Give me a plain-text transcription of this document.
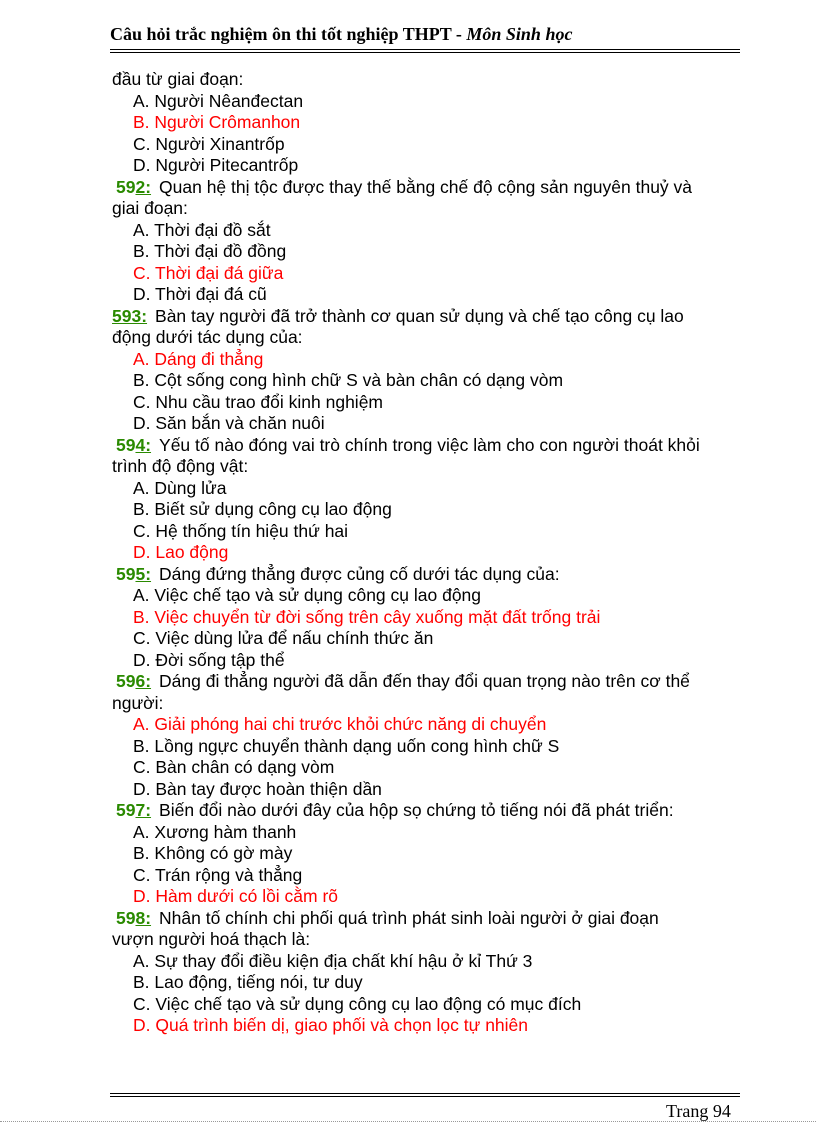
Câu hỏi trắc nghiệm ôn thi tốt nghiệp THPT - Môn Sinh học
đầu từ giai đoạn:
A. Người Nêanđectan
B. Người Crômanhon
C. Người Xinantrốp
D. Người Pitecantrốp
592: Quan hệ thị tộc được thay thế bằng chế độ cộng sản nguyên thuỷ và
giai đoạn:
A. Thời đại đồ sắt
B. Thời đại đồ đồng
C. Thời đại đá giữa
D. Thời đại đá cũ
593: Bàn tay người đã trở thành cơ quan sử dụng và chế tạo công cụ lao
động dưới tác dụng của:
A. Dáng đi thẳng
B. Cột sống cong hình chữ S và bàn chân có dạng vòm
C. Nhu cầu trao đổi kinh nghiệm
D. Săn bắn và chăn nuôi
594: Yếu tố nào đóng vai trò chính trong việc làm cho con người thoát khỏi
trình độ động vật:
A. Dùng lửa
B. Biết sử dụng công cụ lao động
C. Hệ thống tín hiệu thứ hai
D. Lao động
595: Dáng đứng thẳng được củng cố dưới tác dụng của:
A. Việc chế tạo và sử dụng công cụ lao động
B. Việc chuyển từ đời sống trên cây xuống mặt đất trống trải
C. Việc dùng lửa để nấu chính thức ăn
D. Đời sống tập thể
596: Dáng đi thẳng người đã dẫn đến thay đổi quan trọng nào trên cơ thể
người:
A. Giải phóng hai chi trước khỏi chức năng di chuyển
B. Lồng ngực chuyển thành dạng uốn cong hình chữ S
C. Bàn chân có dạng vòm
D. Bàn tay được hoàn thiện dần
597: Biến đổi nào dưới đây của hộp sọ chứng tỏ tiếng nói đã phát triển:
A. Xương hàm thanh
B. Không có gờ mày
C. Trán rộng và thẳng
D. Hàm dưới có lồi cằm rõ
598: Nhân tố chính chi phối quá trình phát sinh loài người ở giai đoạn
vượn người hoá thạch là:
A. Sự thay đổi điều kiện địa chất khí hậu ở kỉ Thứ 3
B. Lao động, tiếng nói, tư duy
C. Việc chế tạo và sử dụng công cụ lao động có mục đích
D. Quá trình biến dị, giao phối và chọn lọc tự nhiên
Trang 94
